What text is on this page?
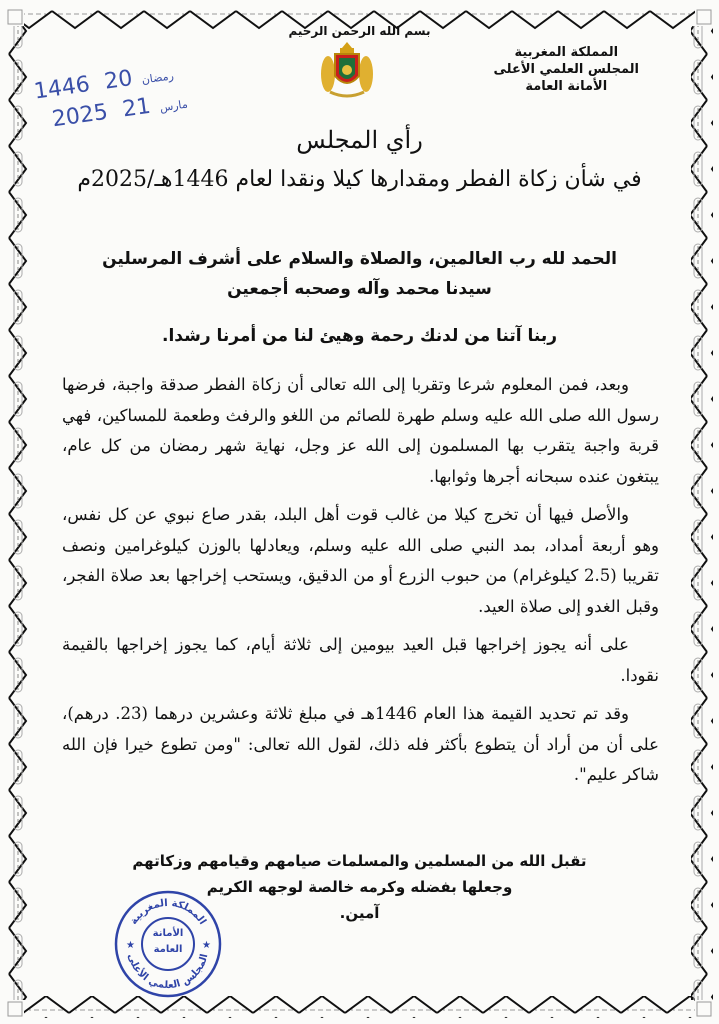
بسم الله الرحمن الرحيم
المملكة المغربية
المجلس العلمي الأعلى
الأمانة العامة
1446	رمضان 20
2025	مارس 21
رأي المجلس
في شأن زكاة الفطر ومقدارها كيلا ونقدا لعام 1446هـ/2025م
الحمد لله رب العالمين، والصلاة والسلام على أشرف المرسلين
سيدنا محمد وآله وصحبه أجمعين
ربنا آتنا من لدنك رحمة وهيئ لنا من أمرنا رشدا.

وبعد، فمن المعلوم شرعا وتقربا إلى الله تعالى أن زكاة الفطر صدقة واجبة، فرضها رسول الله صلى الله عليه وسلم طهرة للصائم من اللغو والرفث وطعمة للمساكين، فهي قربة واجبة يتقرب بها المسلمون إلى الله عز وجل، نهاية شهر رمضان من كل عام، يبتغون عنده سبحانه أجرها وثوابها.

والأصل فيها أن تخرج كيلا من غالب قوت أهل البلد، بقدر صاع نبوي عن كل نفس، وهو أربعة أمداد، بمد النبي صلى الله عليه وسلم، ويعادلها بالوزن كيلوغرامين ونصف تقريبا (2.5 كيلوغرام) من حبوب الزرع أو من الدقيق، ويستحب إخراجها بعد صلاة الفجر، وقبل الغدو إلى صلاة العيد.

على أنه يجوز إخراجها قبل العيد بيومين إلى ثلاثة أيام، كما يجوز إخراجها بالقيمة نقودا.

وقد تم تحديد القيمة هذا العام 1446هـ في مبلغ ثلاثة وعشرين درهما (23. درهم)، على أن من أراد أن يتطوع بأكثر فله ذلك، لقول الله تعالى: "ومن تطوع خيرا فإن الله شاكر عليم".

تقبل الله من المسلمين والمسلمات صيامهم وقيامهم وزكاتهم
وجعلها بفضله وكرمه خالصة لوجهه الكريم
آمين.
المملكة المغربية
المجلس العلمي الأعلى
★	★
الأمانة
العامة
